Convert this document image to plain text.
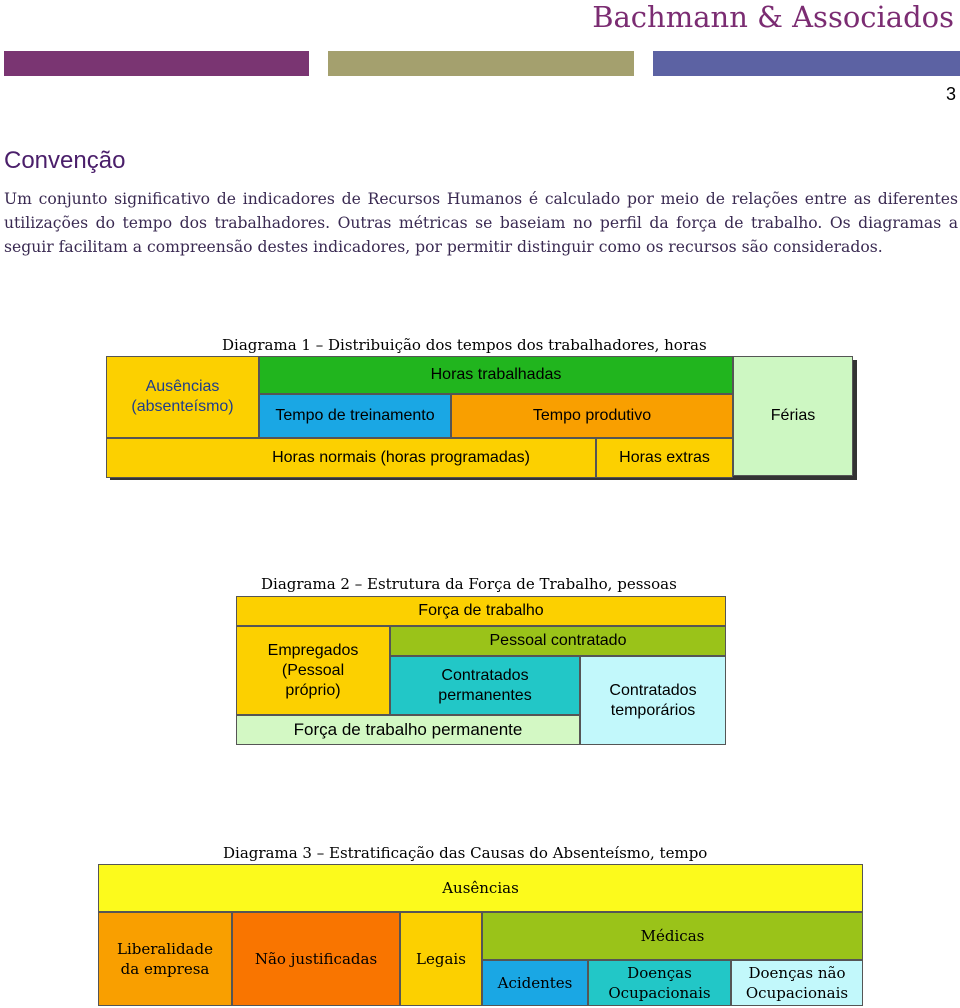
Bachmann & Associados
3
Convenção
Um conjunto significativo de indicadores de Recursos Humanos é calculado por meio de relações entre as diferentes utilizações do tempo dos trabalhadores. Outras métricas se baseiam no perfil da força de trabalho. Os diagramas a seguir facilitam a compreensão destes indicadores, por permitir distinguir como os recursos são considerados.
Diagrama 1 – Distribuição dos tempos dos trabalhadores, horas
Ausências (absenteísmo)
Horas trabalhadas
Tempo de treinamento	Tempo produtivo	Férias
Horas normais (horas programadas)	Horas extras
Diagrama 2 – Estrutura da Força de Trabalho, pessoas
Força de trabalho
Empregados (Pessoal próprio)
Pessoal contratado
Contratados permanentes	Contratados temporários
Força de trabalho permanente
Diagrama 3 – Estratificação das Causas do Absenteísmo, tempo
Ausências
Liberalidade da empresa
Não justificadas	Legais
Médicas
Acidentes
Doenças Ocupacionais
Doenças não Ocupacionais
